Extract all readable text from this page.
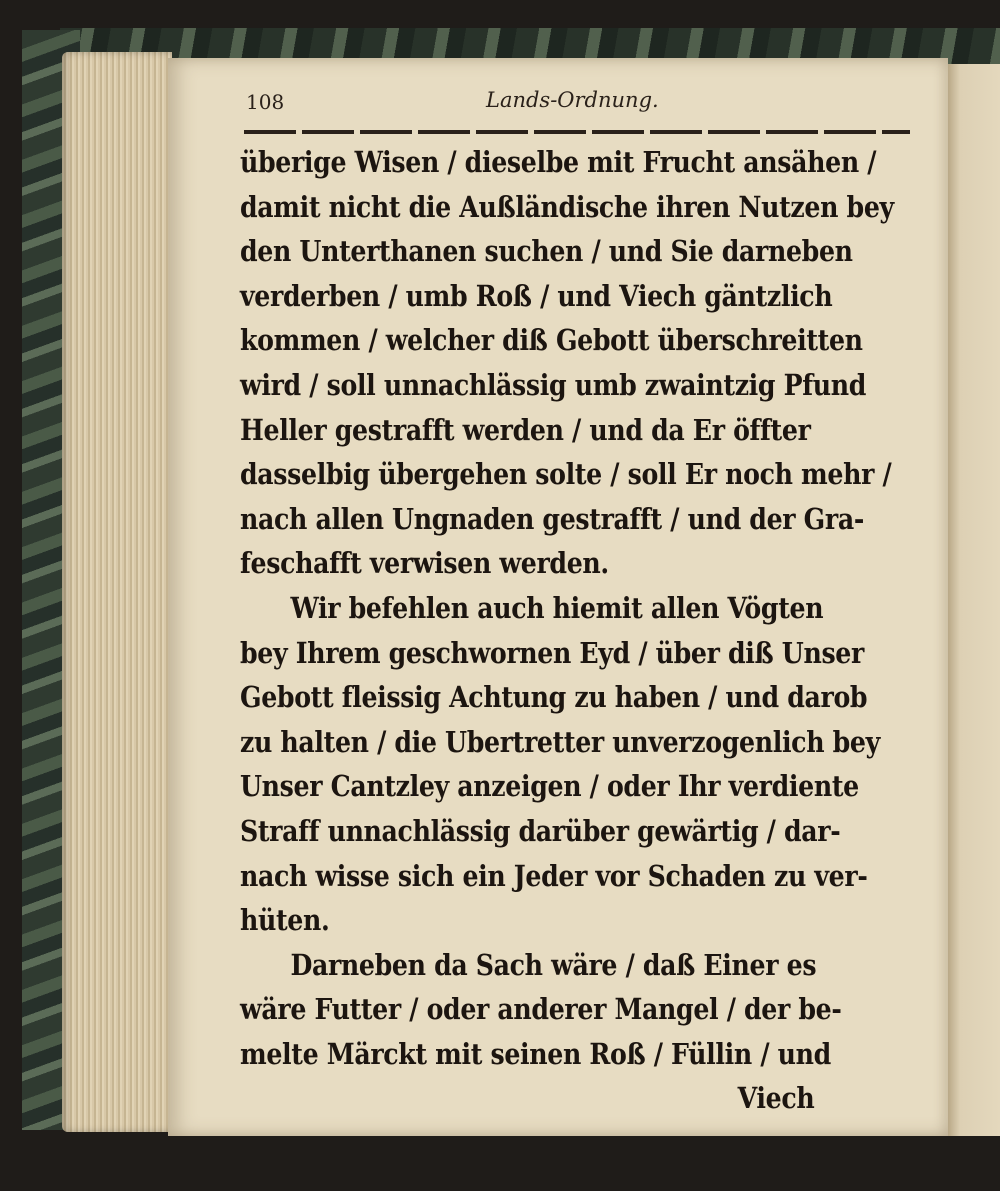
108	Lands-Ordnung.
überige Wisen / dieselbe mit Frucht ansähen /
damit nicht die Außländische ihren Nutzen bey
den Unterthanen suchen / und Sie darneben
verderben / umb Roß / und Viech gäntzlich
kommen / welcher diß Gebott überschreitten
wird / soll unnachlässig umb zwaintzig Pfund
Heller gestrafft werden / und da Er öffter
dasselbig übergehen solte / soll Er noch mehr /
nach allen Ungnaden gestrafft / und der Gra-
feschafft verwisen werden.
Wir befehlen auch hiemit allen Vögten
bey Ihrem geschwornen Eyd / über diß Unser
Gebott fleissig Achtung zu haben / und darob
zu halten / die Ubertretter unverzogenlich bey
Unser Cantzley anzeigen / oder Ihr verdiente
Straff unnachlässig darüber gewärtig / dar-
nach wisse sich ein Jeder vor Schaden zu ver-
hüten.
Darneben da Sach wäre / daß Einer es
wäre Futter / oder anderer Mangel / der be-
melte Märckt mit seinen Roß / Füllin / und
Viech
